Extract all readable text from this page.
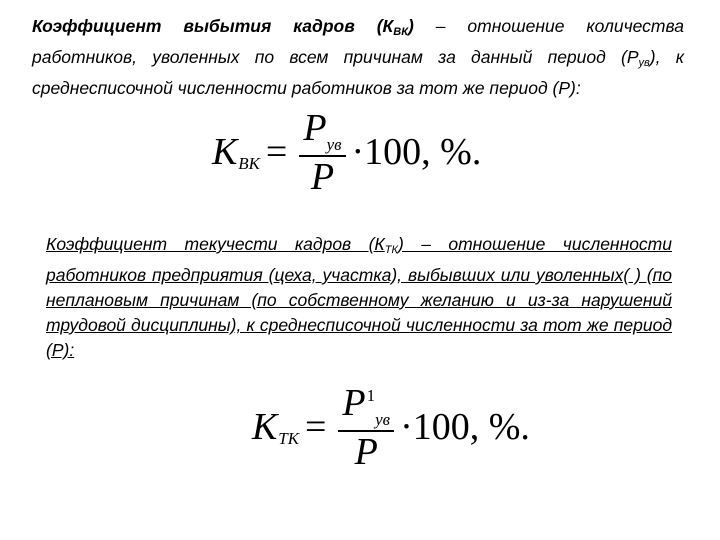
Коэффициент выбытия кадров $(К_{ВК})$ – отношение количества работников, уволенных по всем причинам за данный период $(Р_{ув})$, к среднесписочной численности работников за тот же период (Р):
К ВК = $\frac{P_{ув}}{P} \cdot 100$, %.
Коэффициент текучести кадров $(К_{ТК})$ – отношение численности работников предприятия (цеха, участка), выбывших или уволенных( ) (по неплановым причинам (по собственному желанию и из-за нарушений трудовой дисциплины), к среднесписочной численности за тот же период (Р):
К ТК = $\frac{P^1_{ув}}{P} \cdot 100$, %.
